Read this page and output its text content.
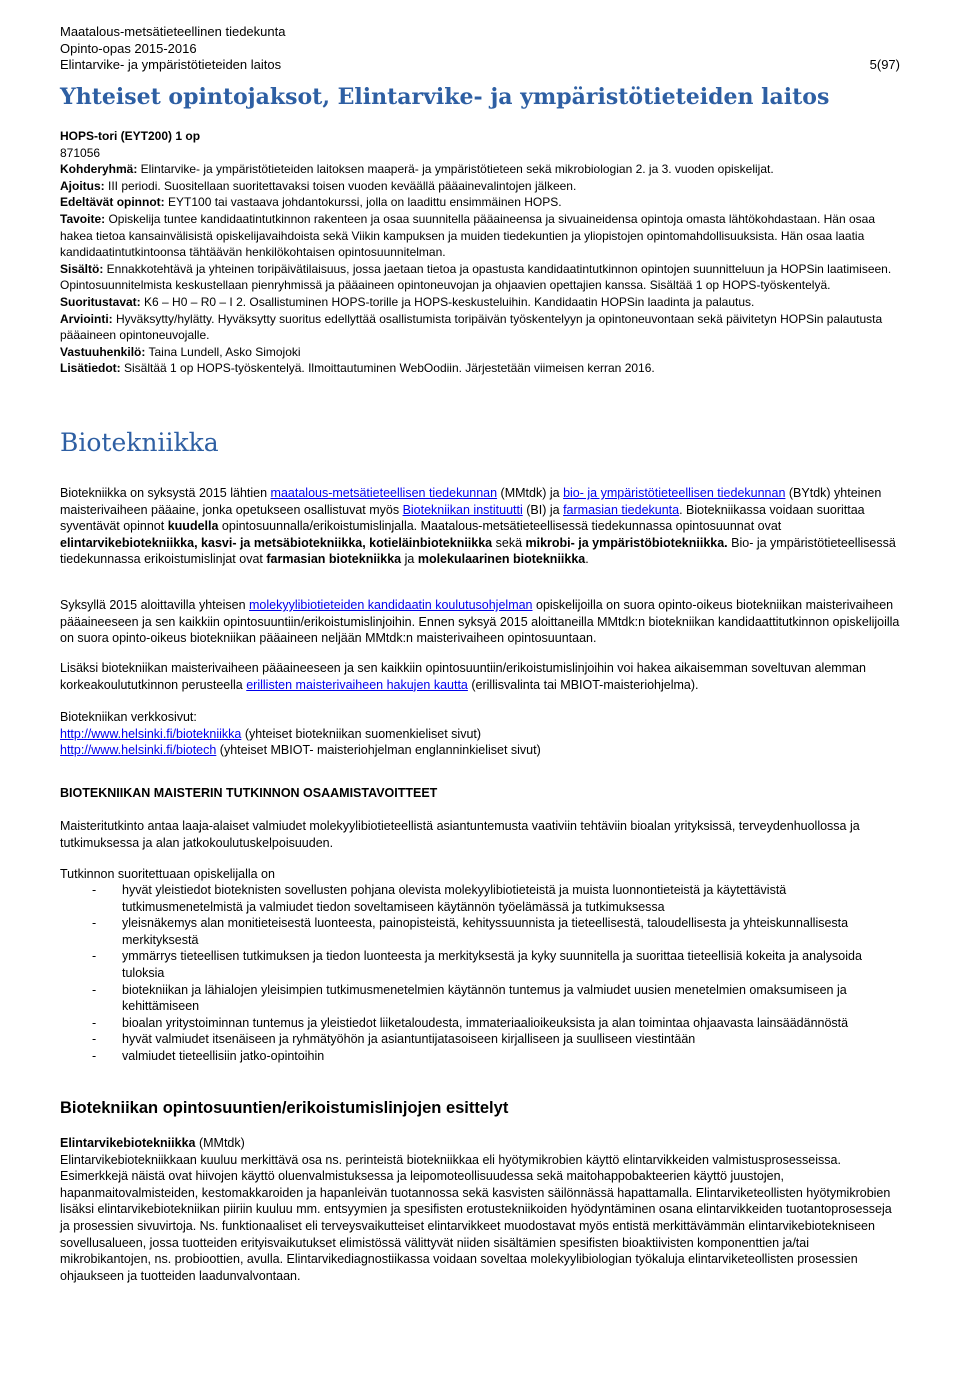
Maatalous-metsätieteellinen tiedekunta
Opinto-opas 2015-2016
Elintarvike- ja ympäristötieteiden laitos	5(97)
Yhteiset opintojaksot, Elintarvike- ja ympäristötieteiden laitos
HOPS-tori (EYT200) 1 op
871056
Kohderyhmä: Elintarvike- ja ympäristötieteiden laitoksen maaperä- ja ympäristötieteen sekä mikrobiologian 2. ja 3. vuoden opiskelijat.
Ajoitus: III periodi. Suositellaan suoritettavaksi toisen vuoden keväällä pääainevalintojen jälkeen.
Edeltävät opinnot: EYT100 tai vastaava johdantokurssi, jolla on laadittu ensimmäinen HOPS.
Tavoite: Opiskelija tuntee kandidaatintutkinnon rakenteen ja osaa suunnitella pääaineensa ja sivuaineidensa opintoja omasta lähtökohdastaan. Hän osaa hakea tietoa kansainvälisistä opiskelijavaihdoista sekä Viikin kampuksen ja muiden tiedekuntien ja yliopistojen opintomahdollisuuksista. Hän osaa laatia kandidaatintutkintoonsa tähtäävän henkilökohtaisen opintosuunnitelman.
Sisältö: Ennakkotehtävä ja yhteinen toripäivätilaisuus, jossa jaetaan tietoa ja opastusta kandidaatintutkinnon opintojen suunnitteluun ja HOPSin laatimiseen. Opintosuunnitelmista keskustellaan pienryhmissä ja pääaineen opintoneuvojan ja ohjaavien opettajien kanssa. Sisältää 1 op HOPS-työskentelyä.
Suoritustavat: K6 – H0 – R0 – I 2. Osallistuminen HOPS-torille ja HOPS-keskusteluihin. Kandidaatin HOPSin laadinta ja palautus.
Arviointi: Hyväksytty/hylätty. Hyväksytty suoritus edellyttää osallistumista toripäivän työskentelyyn ja opintoneuvontaan sekä päivitetyn HOPSin palautusta pääaineen opintoneuvojalle.
Vastuuhenkilö: Taina Lundell, Asko Simojoki
Lisätiedot: Sisältää 1 op HOPS-työskentelyä. Ilmoittautuminen WebOodiin. Järjestetään viimeisen kerran 2016.
Biotekniikka
Biotekniikka on syksystä 2015 lähtien maatalous-metsätieteellisen tiedekunnan (MMtdk) ja bio- ja ympäristötieteellisen tiedekunnan (BYtdk) yhteinen maisterivaiheen pääaine, jonka opetukseen osallistuvat myös Biotekniikan instituutti (BI) ja farmasian tiedekunta. Biotekniikassa voidaan suorittaa syventävät opinnot kuudella opintosuunnalla/erikoistumislinjalla. Maatalous-metsätieteellisessä tiedekunnassa opintosuunnat ovat elintarvikebiotekniikka, kasvi- ja metsäbiotekniikka, kotieläinbiotekniikka sekä mikrobi- ja ympäristöbiotekniikka. Bio- ja ympäristötieteellisessä tiedekunnassa erikoistumislinjat ovat farmasian biotekniikka ja molekulaarinen biotekniikka.
Syksyllä 2015 aloittavilla yhteisen molekyylibiotieteiden kandidaatin koulutusohjelman opiskelijoilla on suora opinto-oikeus biotekniikan maisterivaiheen pääaineeseen ja sen kaikkiin opintosuuntiin/erikoistumislinjoihin. Ennen syksyä 2015 aloittaneilla MMtdk:n biotekniikan kandidaattitutkinnon opiskelijoilla on suora opinto-oikeus biotekniikan pääaineen neljään MMtdk:n maisterivaiheen opintosuuntaan.
Lisäksi biotekniikan maisterivaiheen pääaineeseen ja sen kaikkiin opintosuuntiin/erikoistumislinjoihin voi hakea aikaisemman soveltuvan alemman korkeakoulututkinnon perusteella erillisten maisterivaiheen hakujen kautta (erillisvalinta tai MBIOT-maisteriohjelma).
Biotekniikan verkkosivut:
http://www.helsinki.fi/biotekniikka (yhteiset biotekniikan suomenkieliset sivut)
http://www.helsinki.fi/biotech (yhteiset MBIOT- maisteriohjelman englanninkieliset sivut)
BIOTEKNIIKAN MAISTERIN TUTKINNON OSAAMISTAVOITTEET
Maisteritutkinto antaa laaja-alaiset valmiudet molekyylibiotieteellistä asiantuntemusta vaativiin tehtäviin bioalan yrityksissä, terveydenhuollossa ja tutkimuksessa ja alan jatkokoulutuskelpoisuuden.
Tutkinnon suoritettuaan opiskelijalla on
- hyvät yleistiedot bioteknisten sovellusten pohjana olevista molekyylibiotieteistä ja muista luonnontieteistä ja käytettävistä tutkimusmenetelmistä ja valmiudet tiedon soveltamiseen käytännön työelämässä ja tutkimuksessa
- yleisnäkemys alan monitieteisestä luonteesta, painopisteistä, kehityssuunnista ja tieteellisestä, taloudellisesta ja yhteiskunnallisesta merkityksestä
- ymmärrys tieteellisen tutkimuksen ja tiedon luonteesta ja merkityksestä ja kyky suunnitella ja suorittaa tieteellisiä kokeita ja analysoida tuloksia
- biotekniikan ja lähialojen yleisimpien tutkimusmenetelmien käytännön tuntemus ja valmiudet uusien menetelmien omaksumiseen ja kehittämiseen
- bioalan yritystoiminnan tuntemus ja yleistiedot liiketaloudesta, immateriaalioikeuksista ja alan toimintaa ohjaavasta lainsäädännöstä
- hyvät valmiudet itsenäiseen ja ryhmätyöhön ja asiantuntijatasoiseen kirjalliseen ja suulliseen viestintään
- valmiudet tieteellisiin jatko-opintoihin
Biotekniikan opintosuuntien/erikoistumislinjojen esittelyt
Elintarvikebiotekniikka (MMtdk)
Elintarvikebiotekniikkaan kuuluu merkittävä osa ns. perinteistä biotekniikkaa eli hyötymikrobien käyttö elintarvikkeiden valmistusprosesseissa. Esimerkkejä näistä ovat hiivojen käyttö oluenvalmistuksessa ja leipomoteollisuudessa sekä maitohappobakteerien käyttö juustojen, hapanmaitovalmisteiden, kestomakkaroiden ja hapanleivän tuotannossa sekä kasvisten säilönnässä hapattamalla. Elintarviketeollisten hyötymikrobien lisäksi elintarvikebiotekniikan piiriin kuuluu mm. entsyymien ja spesifisten erotustekniikoiden hyödyntäminen osana elintarvikkeiden tuotantoprosesseja ja prosessien sivuvirtoja. Ns. funktionaaliset eli terveysvaikutteiset elintarvikkeet muodostavat myös entistä merkittävämmän elintarvikebiotekniseen sovellusalueen, jossa tuotteiden erityisvaikutukset elimistössä välittyvät niiden sisältämien spesifisten bioaktiivisten komponenttien ja/tai mikrobikantojen, ns. probioottien, avulla. Elintarvikediagnostiikassa voidaan soveltaa molekyylibiologian työkaluja elintarviketeollisten prosessien ohjaukseen ja tuotteiden laadunvalvontaan.
